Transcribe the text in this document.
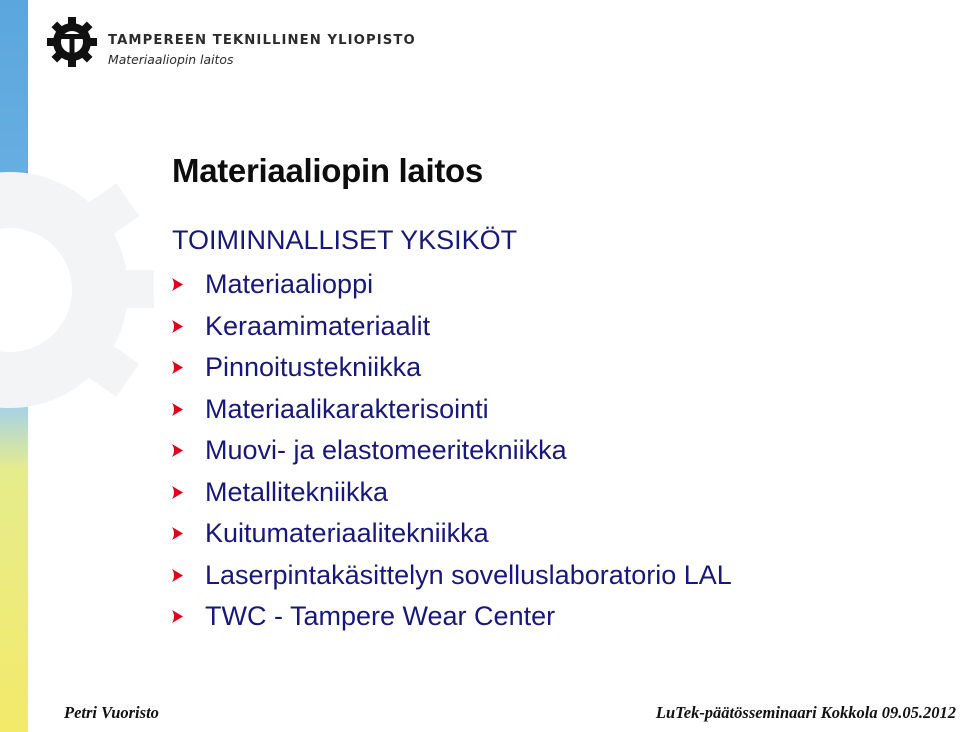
TAMPEREEN TEKNILLINEN YLIOPISTO
Materiaaliopin laitos
Materiaaliopin laitos
TOIMINNALLISET YKSIKÖT
Materiaalioppi
Keraamimateriaalit
Pinnoitustekniikka
Materiaalikarakterisointi
Muovi- ja elastomeeritekniikka
Metallitekniikka
Kuitumateriaalitekniikka
Laserpintakäsittelyn sovelluslaboratorio LAL
TWC - Tampere Wear Center
Petri Vuoristo	LuTek-päätösseminaari Kokkola 09.05.2012
